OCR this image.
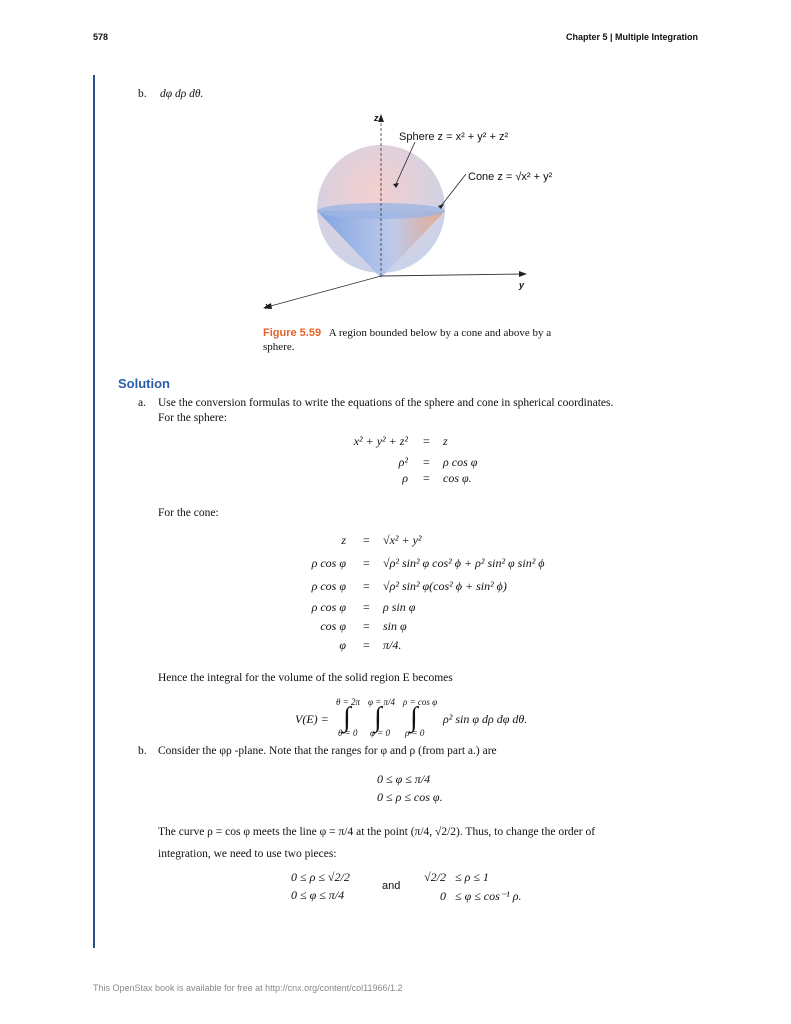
578	Chapter 5 | Multiple Integration
b. dφ dρ dθ.
z
y
x
Sphere z = x² + y² + z²
Cone z = √x² + y²
Figure 5.59 A region bounded below by a cone and above by a sphere.
Solution
a. Use the conversion formulas to write the equations of the sphere and cone in spherical coordinates.
For the sphere:
x² + y² + z² = z
ρ² = ρ cos φ
ρ = cos φ.
For the cone:
z = √x² + y²
ρ cos φ = √ρ² sin² φ cos² ϕ + ρ² sin² φ sin² ϕ
ρ cos φ = √ρ² sin² φ(cos² ϕ + sin² ϕ)
ρ cos φ = ρ sin φ
cos φ = sin φ
φ = π/4.
Hence the integral for the volume of the solid region E becomes
V(E) =
θ = 2π φ = π/4 ρ = cos φ
∫ ∫ ∫
θ = 0 φ = 0 ρ = 0
ρ² sin φ dρ dφ dθ.
b. Consider the φρ -plane. Note that the ranges for φ and ρ (from part a.) are
0 ≤ φ ≤ π/4
0 ≤ ρ ≤ cos φ.
The curve ρ = cos φ meets the line φ = π/4 at the point (π/4, √2/2). Thus, to change the order of
integration, we need to use two pieces:
0 ≤ ρ ≤ √2/2
0 ≤ φ ≤ π/4
and
√2/2 ≤ ρ ≤ 1
0 ≤ φ ≤ cos⁻¹ ρ.
This OpenStax book is available for free at http://cnx.org/content/col11966/1.2
